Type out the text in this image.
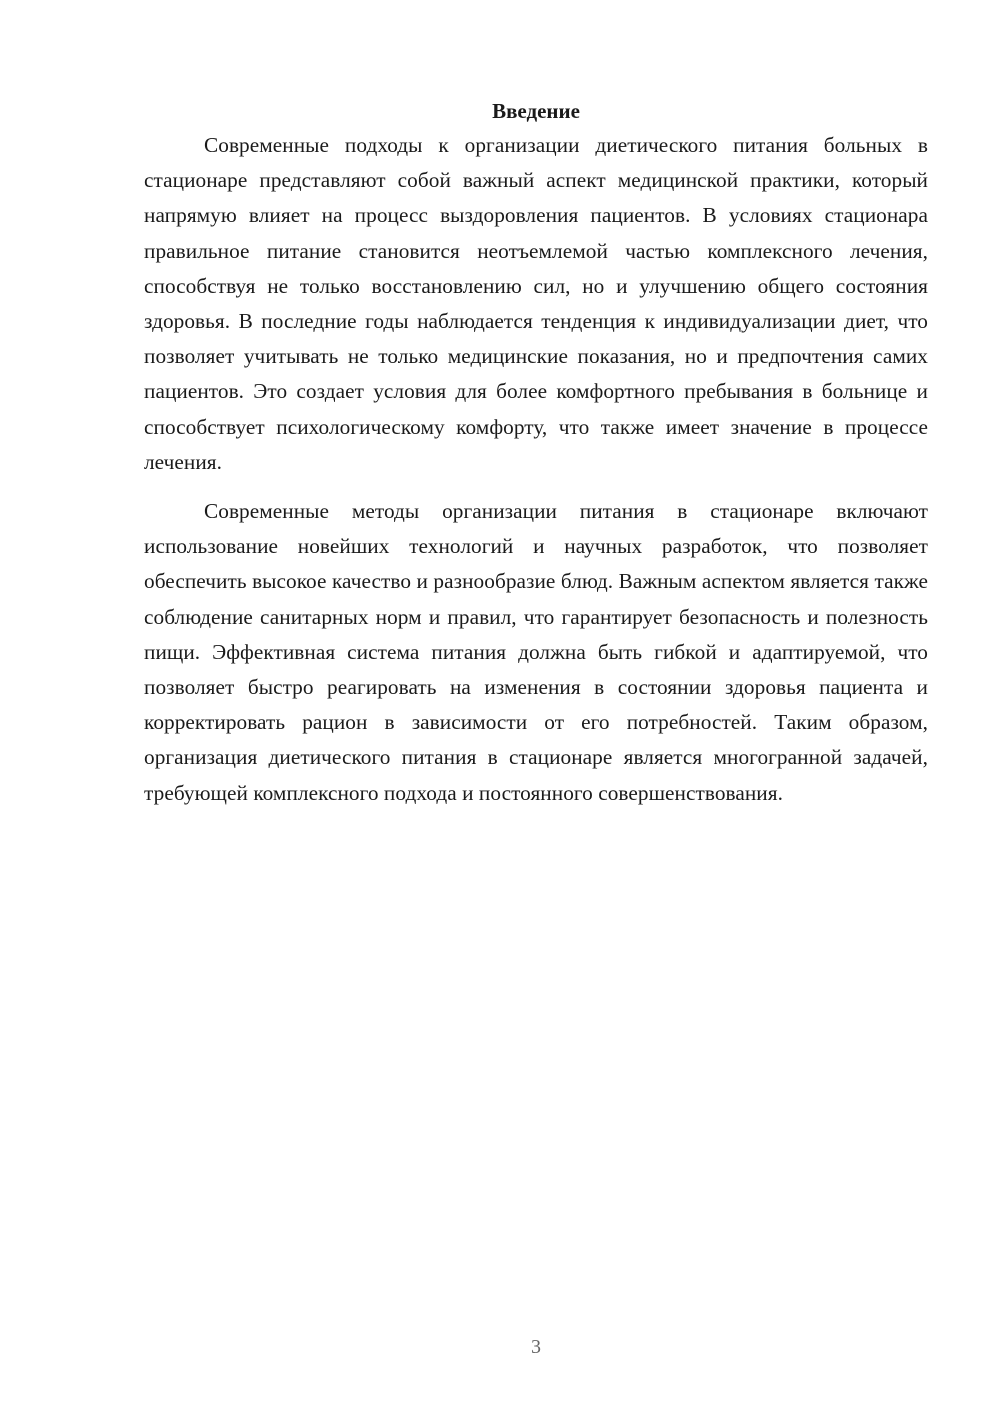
Введение

Современные подходы к организации диетического питания больных в стационаре представляют собой важный аспект медицинской практики, который напрямую влияет на процесс выздоровления пациентов. В условиях стационара правильное питание становится неотъемлемой частью комплексного лечения, способствуя не только восстановлению сил, но и улучшению общего состояния здоровья. В последние годы наблюдается тенденция к индивидуализации диет, что позволяет учитывать не только медицинские показания, но и предпочтения самих пациентов. Это создает условия для более комфортного пребывания в больнице и способствует психологическому комфорту, что также имеет значение в процессе лечения.

Современные методы организации питания в стационаре включают использование новейших технологий и научных разработок, что позволяет обеспечить высокое качество и разнообразие блюд. Важным аспектом является также соблюдение санитарных норм и правил, что гарантирует безопасность и полезность пищи. Эффективная система питания должна быть гибкой и адаптируемой, что позволяет быстро реагировать на изменения в состоянии здоровья пациента и корректировать рацион в зависимости от его потребностей. Таким образом, организация диетического питания в стационаре является многогранной задачей, требующей комплексного подхода и постоянного совершенствования.

3
